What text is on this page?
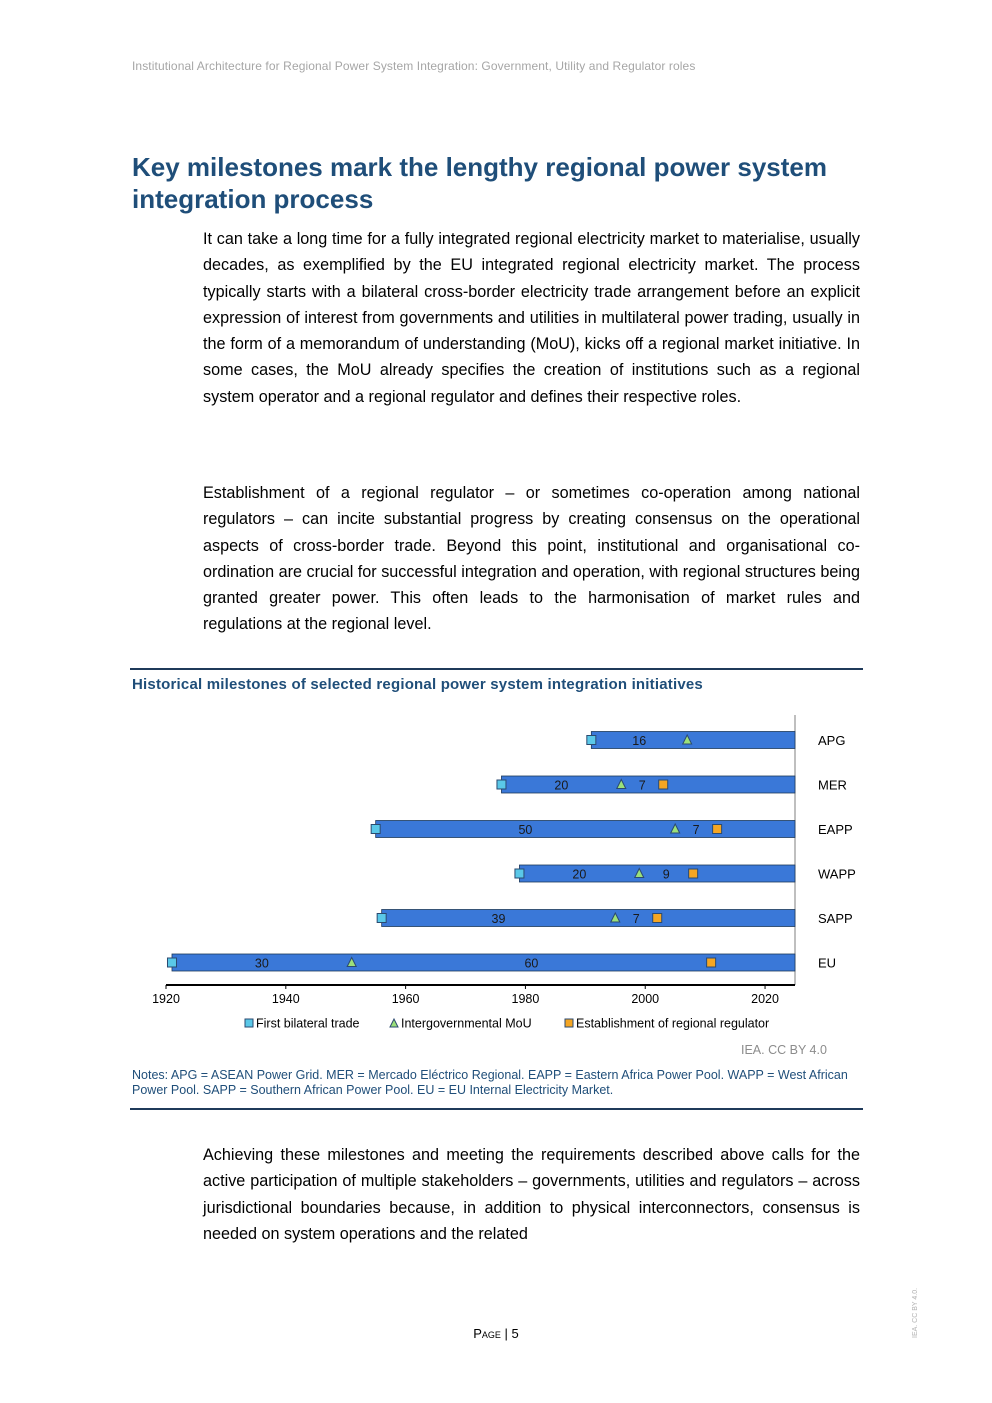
Institutional Architecture for Regional Power System Integration: Government, Utility and Regulator roles
Key milestones mark the lengthy regional power system integration process

It can take a long time for a fully integrated regional electricity market to materialise, usually decades, as exemplified by the EU integrated regional electricity market. The process typically starts with a bilateral cross-border electricity trade arrangement before an explicit expression of interest from governments and utilities in multilateral power trading, usually in the form of a memorandum of understanding (MoU), kicks off a regional market initiative. In some cases, the MoU already specifies the creation of institutions such as a regional system operator and a regional regulator and defines their respective roles.

Establishment of a regional regulator – or sometimes co-operation among national regulators – can incite substantial progress by creating consensus on the operational aspects of cross-border trade. Beyond this point, institutional and organisational co-ordination are crucial for successful integration and operation, with regional structures being granted greater power. This often leads to the harmonisation of market rules and regulations at the regional level.

Historical milestones of selected regional power system integration initiatives
1920	1940	1960	1980	2000	2020
APG
16
MER
20	7
EAPP
50	7
WAPP
20	9
SAPP
39	7
EU
30	60
First bilateral trade	Intergovernmental MoU	Establishment of regional regulator
IEA. CC BY 4.0
Notes: APG = ASEAN Power Grid. MER = Mercado Eléctrico Regional. EAPP = Eastern Africa Power Pool. WAPP = West African Power Pool. SAPP = Southern African Power Pool. EU = EU Internal Electricity Market.

Achieving these milestones and meeting the requirements described above calls for the active participation of multiple stakeholders – governments, utilities and regulators – across jurisdictional boundaries because, in addition to physical interconnectors, consensus is needed on system operations and the related

Page | 5	IEA. CC BY 4.0.
